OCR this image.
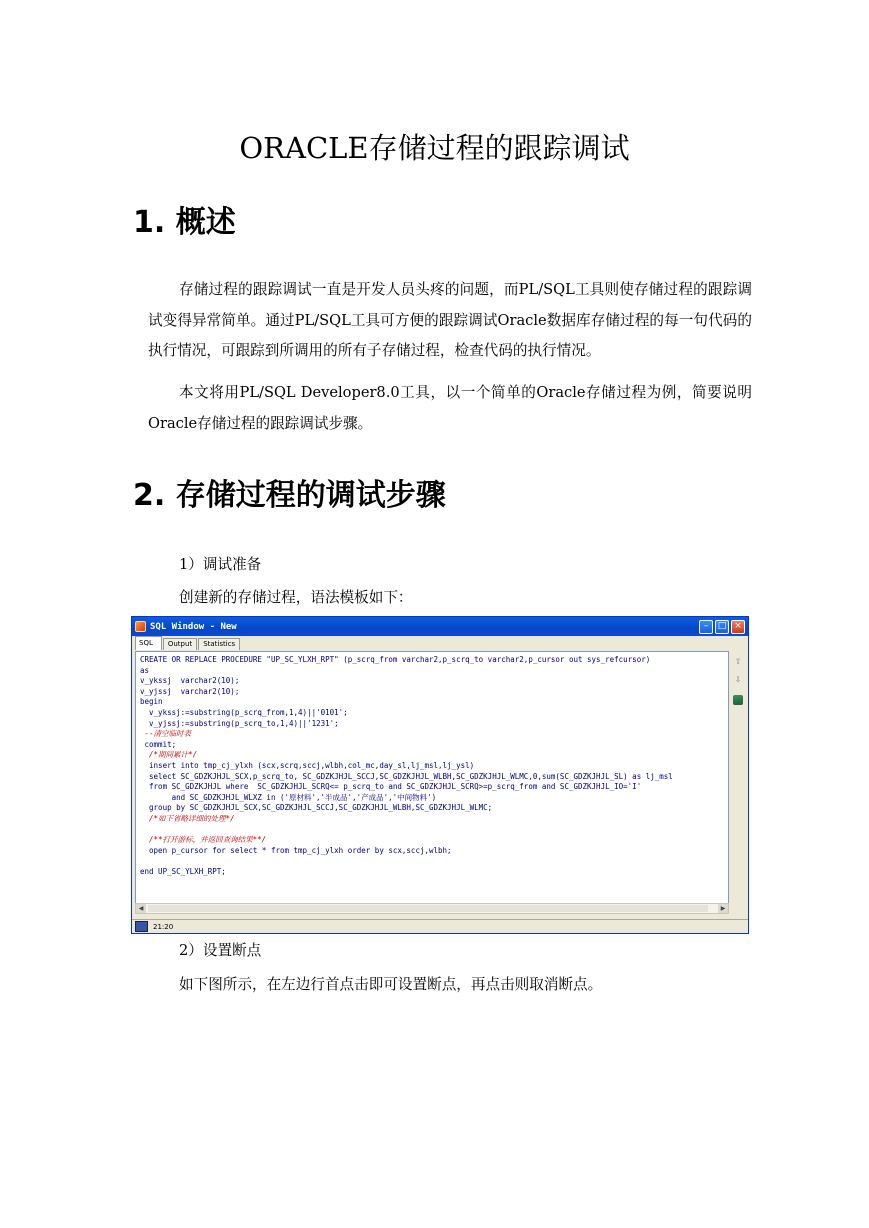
ORACLE存储过程的跟踪调试
1. 概述

存储过程的跟踪调试一直是开发人员头疼的问题，而PL/SQL工具则使存储过程的跟踪调试变得异常简单。通过PL/SQL工具可方便的跟踪调试Oracle数据库存储过程的每一句代码的执行情况，可跟踪到所调用的所有子存储过程，检查代码的执行情况。

本文将用PL/SQL Developer8.0工具，以一个简单的Oracle存储过程为例，简要说明Oracle存储过程的跟踪调试步骤。

2. 存储过程的调试步骤

1）调试准备

创建新的存储过程，语法模板如下：

SQL Window - New	–	□ ×
SQL	Output	Statistics
CREATE OR REPLACE PROCEDURE "UP_SC_YLXH_RPT" (p_scrq_from varchar2,p_scrq_to varchar2,p_cursor out sys_refcursor)
as
v_ykssj  varchar2(10);
v_yjssj  varchar2(10);
begin
v_ykssj:=substring(p_scrq_from,1,4)||'0101';
v_yjssj:=substring(p_scrq_to,1,4)||'1231';
--清空临时表
commit;
/*期间累计*/
insert into tmp_cj_ylxh (scx,scrq,sccj,wlbh,col_mc,day_sl,lj_msl,lj_ysl)
select SC_GDZKJHJL_SCX,p_scrq_to, SC_GDZKJHJL_SCCJ,SC_GDZKJHJL_WLBH,SC_GDZKJHJL_WLMC,0,sum(SC_GDZKJHJL_SL) as lj_msl
from SC_GDZKJHJL where  SC_GDZKJHJL_SCRQ<= p_scrq_to and SC_GDZKJHJL_SCRQ>=p_scrq_from and SC_GDZKJHJL_IO='I'
and SC_GDZKJHJL_WLXZ in ('原材料','半成品','产成品','中间物料')
group by SC_GDZKJHJL_SCX,SC_GDZKJHJL_SCCJ,SC_GDZKJHJL_WLBH,SC_GDZKJHJL_WLMC;
/*如下省略详细的处理*/
/**打开游标，并返回查询结果**/
open p_cursor for select * from tmp_cj_ylxh order by scx,sccj,wlbh;
end UP_SC_YLXH_RPT;
◀	▶
⇧
⇩
21:20

2）设置断点

如下图所示，在左边行首点击即可设置断点，再点击则取消断点。
